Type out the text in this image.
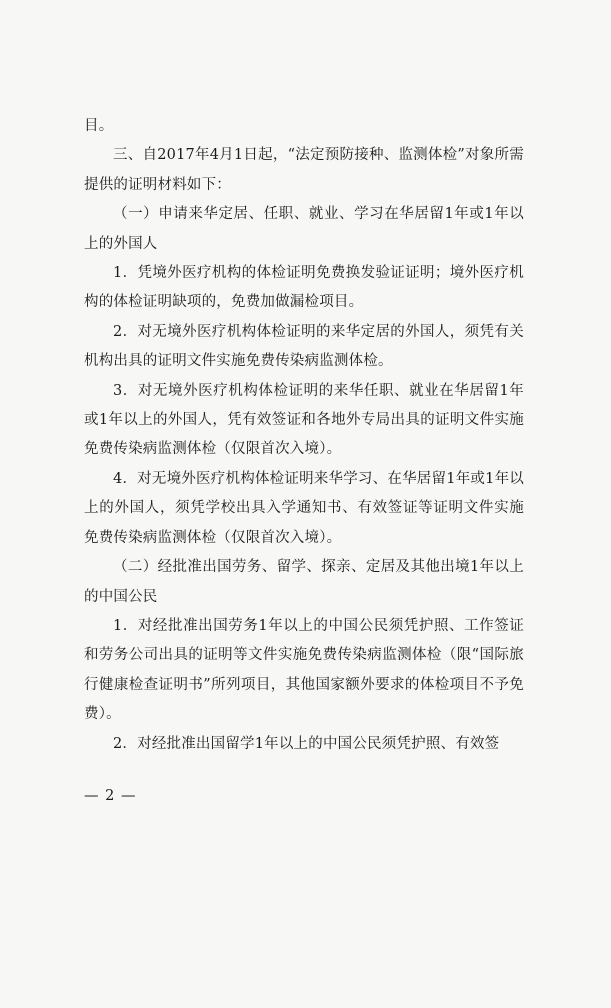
目。

三、自2017年4月1日起，“法定预防接种、监测体检”对象所需提供的证明材料如下：

（一）申请来华定居、任职、就业、学习在华居留1年或1年以上的外国人

1．凭境外医疗机构的体检证明免费换发验证证明；境外医疗机构的体检证明缺项的，免费加做漏检项目。

2．对无境外医疗机构体检证明的来华定居的外国人，须凭有关机构出具的证明文件实施免费传染病监测体检。

3．对无境外医疗机构体检证明的来华任职、就业在华居留1年或1年以上的外国人，凭有效签证和各地外专局出具的证明文件实施免费传染病监测体检（仅限首次入境）。

4．对无境外医疗机构体检证明来华学习、在华居留1年或1年以上的外国人，须凭学校出具入学通知书、有效签证等证明文件实施免费传染病监测体检（仅限首次入境）。

（二）经批准出国劳务、留学、探亲、定居及其他出境1年以上的中国公民

1．对经批准出国劳务1年以上的中国公民须凭护照、工作签证和劳务公司出具的证明等文件实施免费传染病监测体检（限“国际旅行健康检查证明书”所列项目，其他国家额外要求的体检项目不予免费）。

2．对经批准出国留学1年以上的中国公民须凭护照、有效签

— 2 —
